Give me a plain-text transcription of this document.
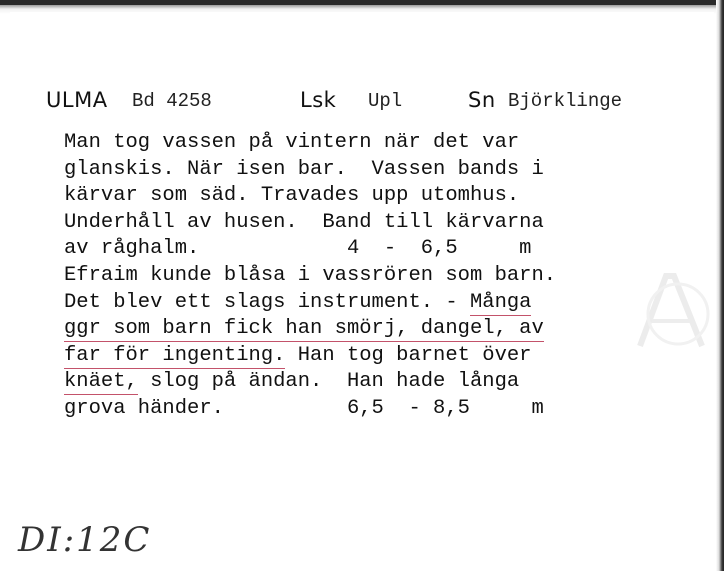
ULMA Bd 4258	Lsk Upl	Sn Björklinge
Man tog vassen på vintern när det var
glanskis. När isen bar.  Vassen bands i
kärvar som säd. Travades upp utomhus.
Underhåll av husen.  Band till kärvarna
av råghalm.            4  -  6,5     m
Efraim kunde blåsa i vassrören som barn.
Det blev ett slags instrument. - Många
ggr som barn fick han smörj, dangel, av
far för ingenting. Han tog barnet över
knäet, slog på ändan.  Han hade långa
grova händer.          6,5  - 8,5     m
DI:12C
